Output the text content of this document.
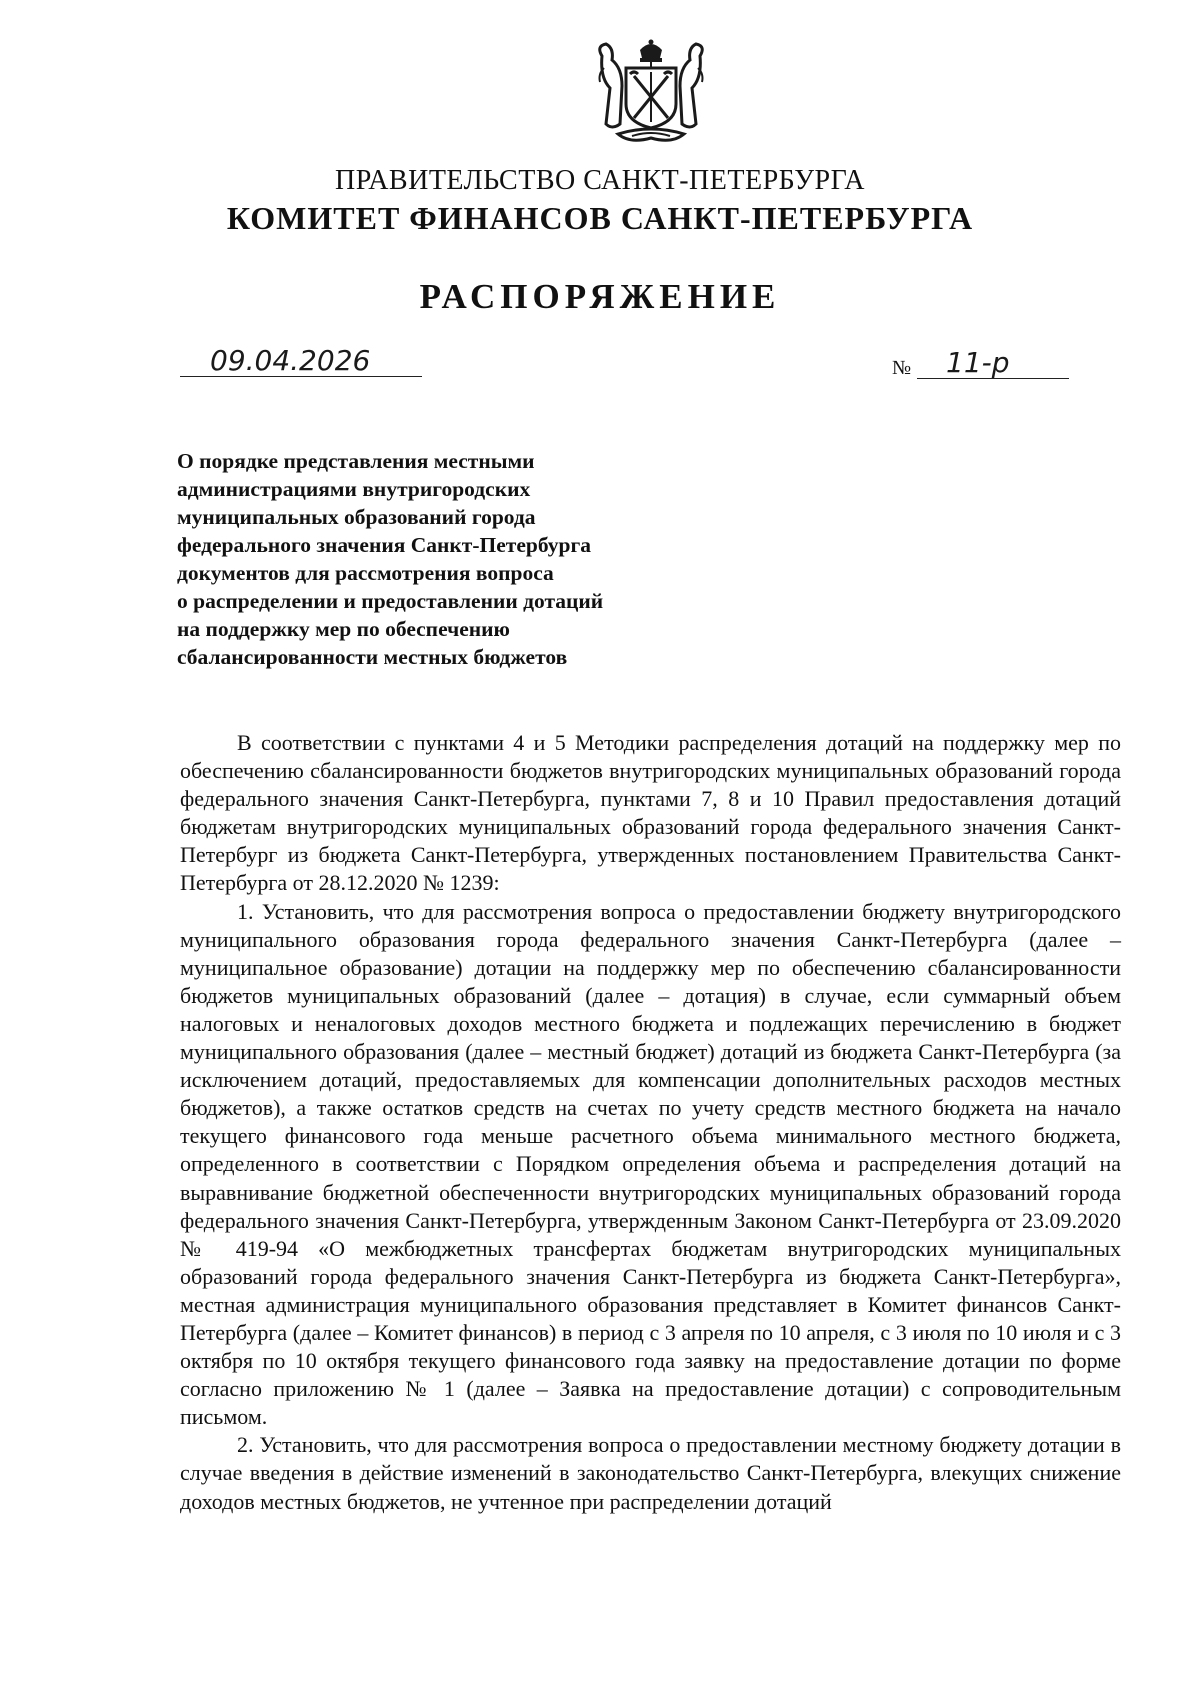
ПРАВИТЕЛЬСТВО САНКТ-ПЕТЕРБУРГА
КОМИТЕТ ФИНАНСОВ САНКТ-ПЕТЕРБУРГА
РАСПОРЯЖЕНИЕ
09.04.2026	№ 11-р
О порядке представления местными
администрациями внутригородских
муниципальных образований города
федерального значения Санкт-Петербурга
документов для рассмотрения вопроса
о распределении и предоставлении дотаций
на поддержку мер по обеспечению
сбалансированности местных бюджетов

В соответствии с пунктами 4 и 5 Методики распределения дотаций на поддержку мер по обеспечению сбалансированности бюджетов внутригородских муниципальных образований города федерального значения Санкт-Петербурга, пунктами 7, 8 и 10 Правил предоставления дотаций бюджетам внутригородских муниципальных образований города федерального значения Санкт-Петербург из бюджета Санкт-Петербурга, утвержденных постановлением Правительства Санкт-Петербурга от 28.12.2020 № 1239:

1. Установить, что для рассмотрения вопроса о предоставлении бюджету внутригородского муниципального образования города федерального значения Санкт-Петербурга (далее – муниципальное образование) дотации на поддержку мер по обеспечению сбалансированности бюджетов муниципальных образований (далее – дотация) в случае, если суммарный объем налоговых и неналоговых доходов местного бюджета и подлежащих перечислению в бюджет муниципального образования (далее – местный бюджет) дотаций из бюджета Санкт-Петербурга (за исключением дотаций, предоставляемых для компенсации дополнительных расходов местных бюджетов), а также остатков средств на счетах по учету средств местного бюджета на начало текущего финансового года меньше расчетного объема минимального местного бюджета, определенного в соответствии с Порядком определения объема и распределения дотаций на выравнивание бюджетной обеспеченности внутригородских муниципальных образований города федерального значения Санкт-Петербурга, утвержденным Законом Санкт-Петербурга от 23.09.2020 № 419-94 «О межбюджетных трансфертах бюджетам внутригородских муниципальных образований города федерального значения Санкт-Петербурга из бюджета Санкт-Петербурга», местная администрация муниципального образования представляет в Комитет финансов Санкт-Петербурга (далее – Комитет финансов) в период с 3 апреля по 10 апреля, с 3 июля по 10 июля и с 3 октября по 10 октября текущего финансового года заявку на предоставление дотации по форме согласно приложению № 1 (далее – Заявка на предоставление дотации) с сопроводительным письмом.

2. Установить, что для рассмотрения вопроса о предоставлении местному бюджету дотации в случае введения в действие изменений в законодательство Санкт-Петербурга, влекущих снижение доходов местных бюджетов, не учтенное при распределении дотаций
